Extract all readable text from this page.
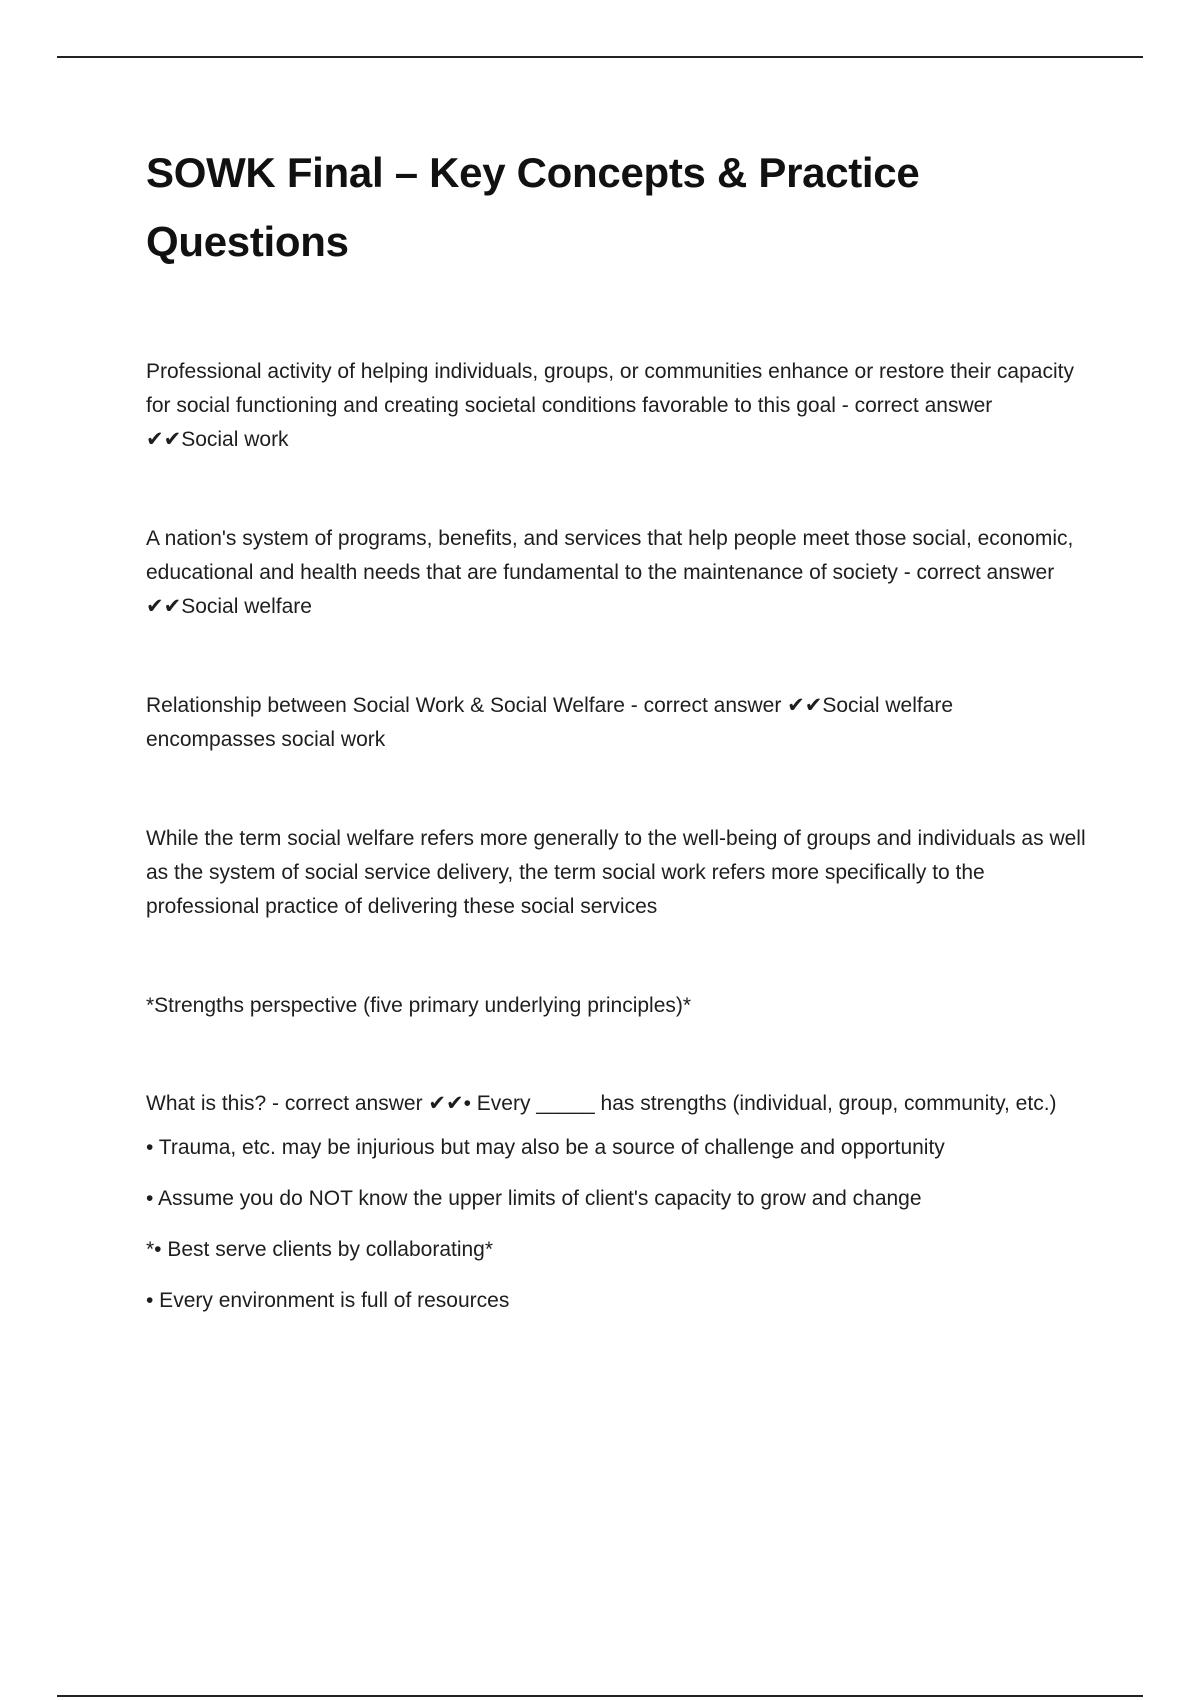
SOWK Final – Key Concepts & Practice Questions

Professional activity of helping individuals, groups, or communities enhance or restore their capacity for social functioning and creating societal conditions favorable to this goal - correct answer ✔✔Social work

A nation's system of programs, benefits, and services that help people meet those social, economic, educational and health needs that are fundamental to the maintenance of society - correct answer ✔✔Social welfare

Relationship between Social Work & Social Welfare - correct answer ✔✔Social welfare encompasses social work

While the term social welfare refers more generally to the well-being of groups and individuals as well as the system of social service delivery, the term social work refers more specifically to the professional practice of delivering these social services

*Strengths perspective (five primary underlying principles)*

What is this? - correct answer ✔✔• Every _____ has strengths (individual, group, community, etc.)

• Trauma, etc. may be injurious but may also be a source of challenge and opportunity
• Assume you do NOT know the upper limits of client's capacity to grow and change
*• Best serve clients by collaborating*
• Every environment is full of resources
